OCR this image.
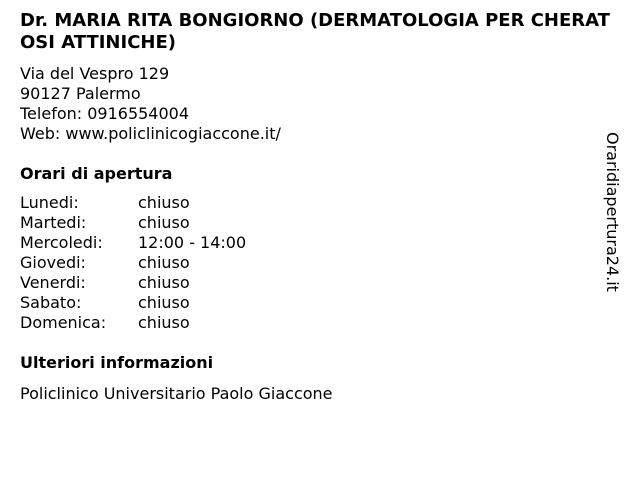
Dr. MARIA RITA BONGIORNO (DERMATOLOGIA PER CHERATOSI ATTINICHE)
Via del Vespro 129
90127 Palermo
Telefon: 0916554004
Web: www.policlinicogiaccone.it/
Orari di apertura
Lunedi:	chiuso
Martedi:	chiuso
Mercoledi: 12:00 - 14:00
Giovedi:	chiuso
Venerdi:	chiuso
Sabato:	chiuso
Domenica: chiuso
Ulteriori informazioni
Policlinico Universitario Paolo Giaccone
Oraridiapertura24.it
